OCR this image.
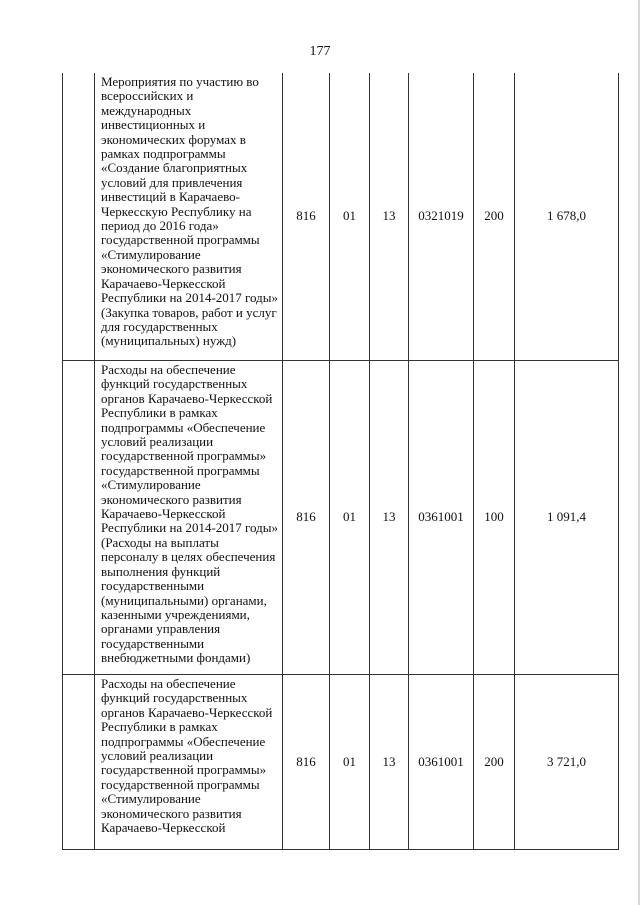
177
	Мероприятия по участию во всероссийских и международных инвестиционных и экономических форумах в рамках подпрограммы «Создание благоприятных условий для привлечения инвестиций в Карачаево-Черкесскую Республику на период до 2016 года» государственной программы «Стимулирование экономического развития Карачаево-Черкесской Республики на 2014-2017 годы» (Закупка товаров, работ и услуг для государственных (муниципальных) нужд)	816	01	13	0321019	200	1 678,0
	Расходы на обеспечение функций государственных органов Карачаево-Черкесской Республики в рамках подпрограммы «Обеспечение условий реализации государственной программы» государственной программы «Стимулирование экономического развития Карачаево-Черкесской Республики на 2014-2017 годы» (Расходы на выплаты персоналу в целях обеспечения выполнения функций государственными (муниципальными) органами, казенными учреждениями, органами управления государственными внебюджетными фондами)	816	01	13	0361001	100	1 091,4
	Расходы на обеспечение функций государственных органов Карачаево-Черкесской Республики в рамках подпрограммы «Обеспечение условий реализации государственной программы» государственной программы «Стимулирование экономического развития Карачаево-Черкесской	816	01	13	0361001	200	3 721,0
